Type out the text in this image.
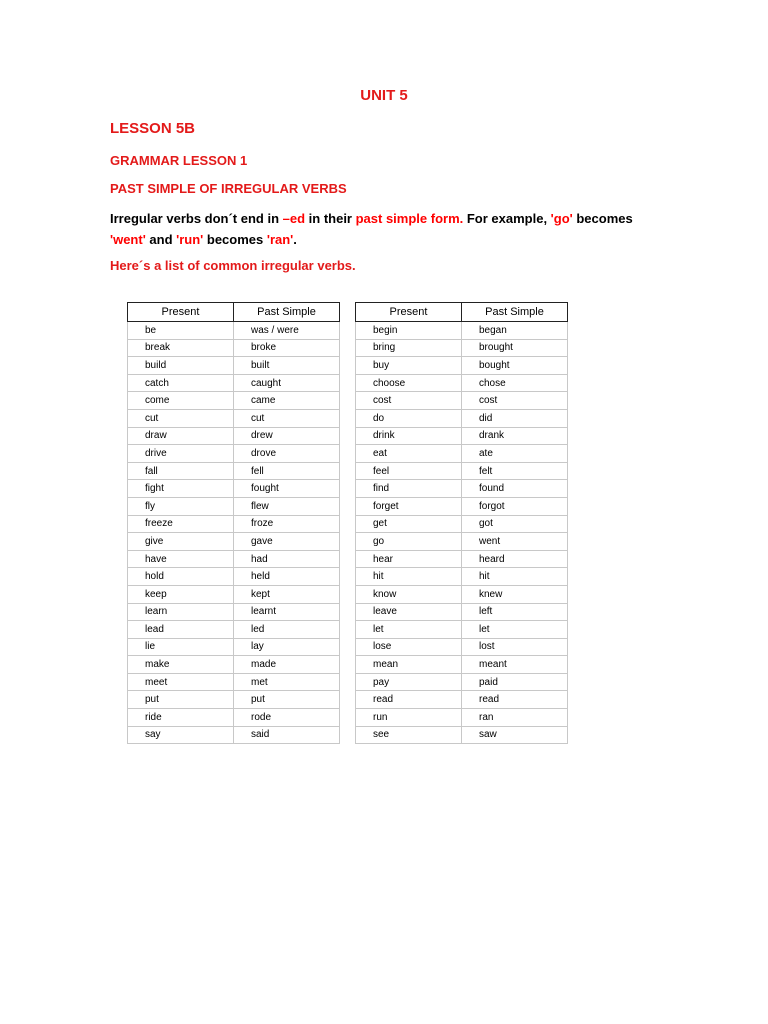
UNIT 5
LESSON 5B
GRAMMAR LESSON 1
PAST SIMPLE OF IRREGULAR VERBS
Irregular verbs don´t end in –ed in their past simple form. For example, 'go' becomes
'went' and 'run' becomes 'ran'.
Here´s a list of common irregular verbs.
Present	Past Simple
be	was / were
break	broke
build	built
catch	caught
come	came
cut	cut
draw	drew
drive	drove
fall	fell
fight	fought
fly	flew
freeze	froze
give	gave
have	had
hold	held
keep	kept
learn	learnt
lead	led
lie	lay
make	made
meet	met
put	put
ride	rode
say	said
Present	Past Simple
begin	began
bring	brought
buy	bought
choose	chose
cost	cost
do	did
drink	drank
eat	ate
feel	felt
find	found
forget	forgot
get	got
go	went
hear	heard
hit	hit
know	knew
leave	left
let	let
lose	lost
mean	meant
pay	paid
read	read
run	ran
see	saw
